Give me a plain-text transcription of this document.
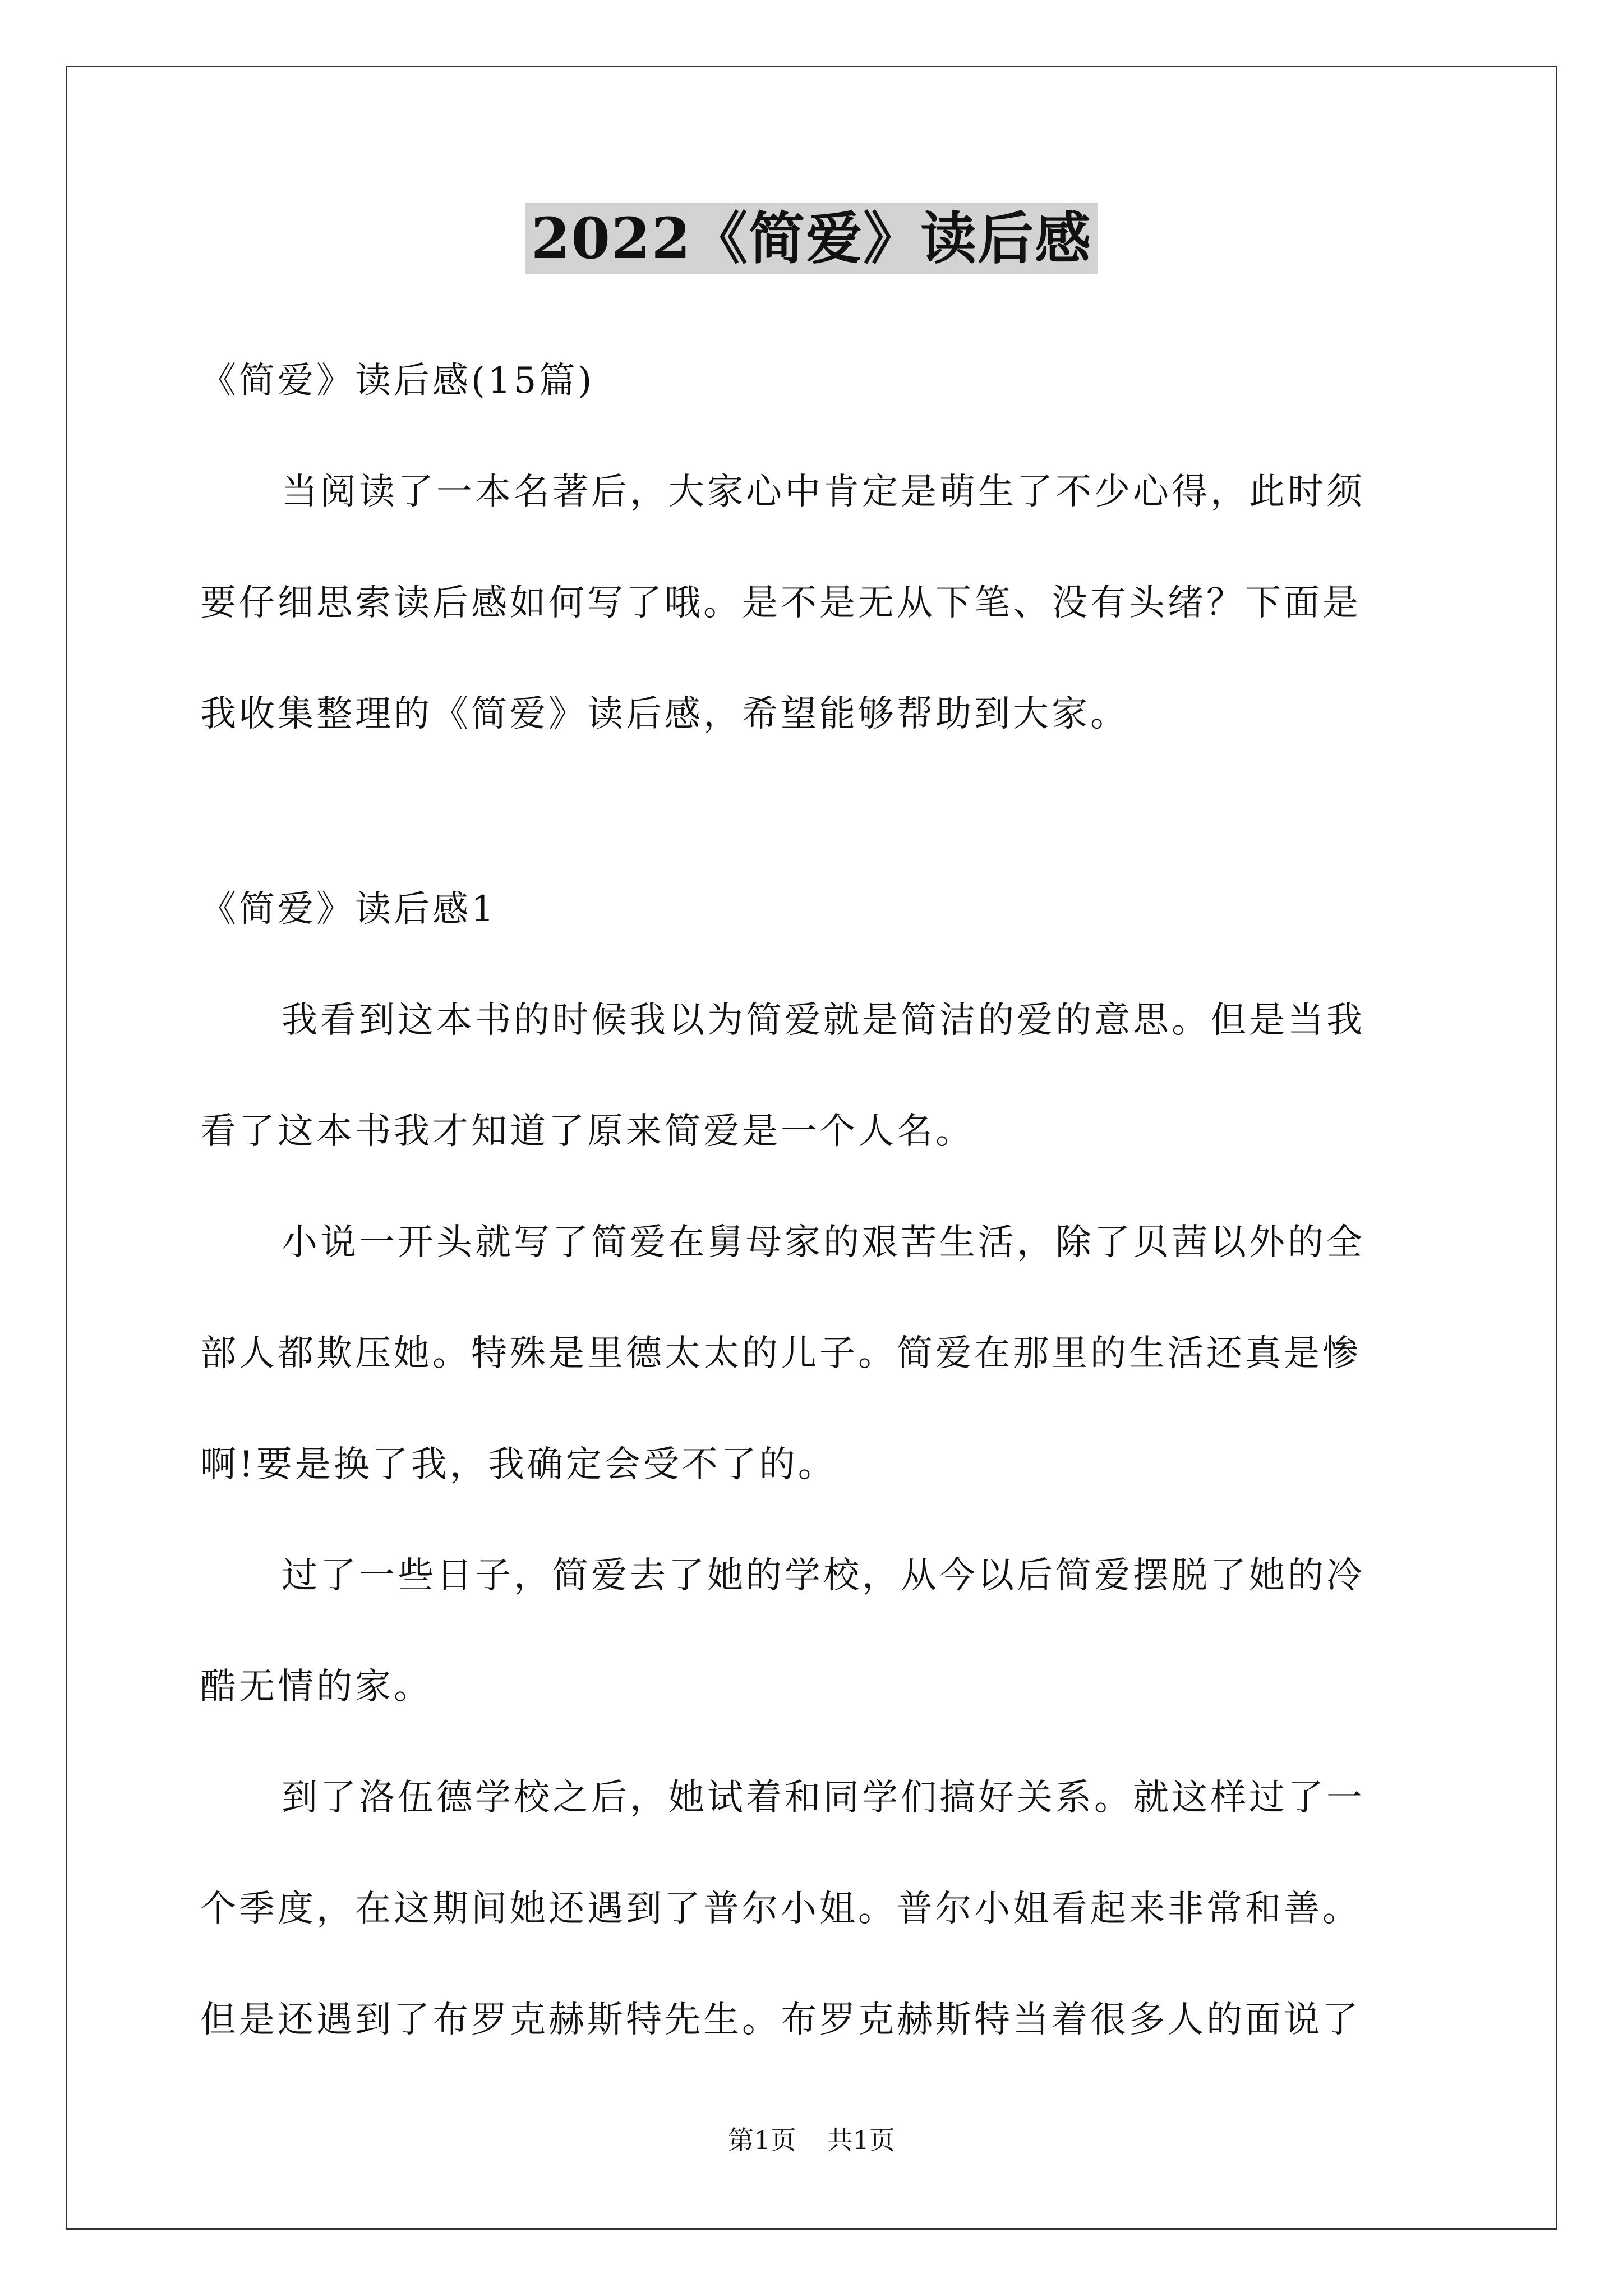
2022《简爱》读后感
《简爱》读后感(15篇)
当阅读了一本名著后，大家心中肯定是萌生了不少心得，此时须
要仔细思索读后感如何写了哦。是不是无从下笔、没有头绪？下面是
我收集整理的《简爱》读后感，希望能够帮助到大家。
《简爱》读后感1
我看到这本书的时候我以为简爱就是简洁的爱的意思。但是当我
看了这本书我才知道了原来简爱是一个人名。
小说一开头就写了简爱在舅母家的艰苦生活，除了贝茜以外的全
部人都欺压她。特殊是里德太太的儿子。简爱在那里的生活还真是惨
啊!要是换了我，我确定会受不了的。
过了一些日子，简爱去了她的学校，从今以后简爱摆脱了她的冷
酷无情的家。
到了洛伍德学校之后，她试着和同学们搞好关系。就这样过了一
个季度，在这期间她还遇到了普尔小姐。普尔小姐看起来非常和善。
但是还遇到了布罗克赫斯特先生。布罗克赫斯特当着很多人的面说了
第1页 共1页
